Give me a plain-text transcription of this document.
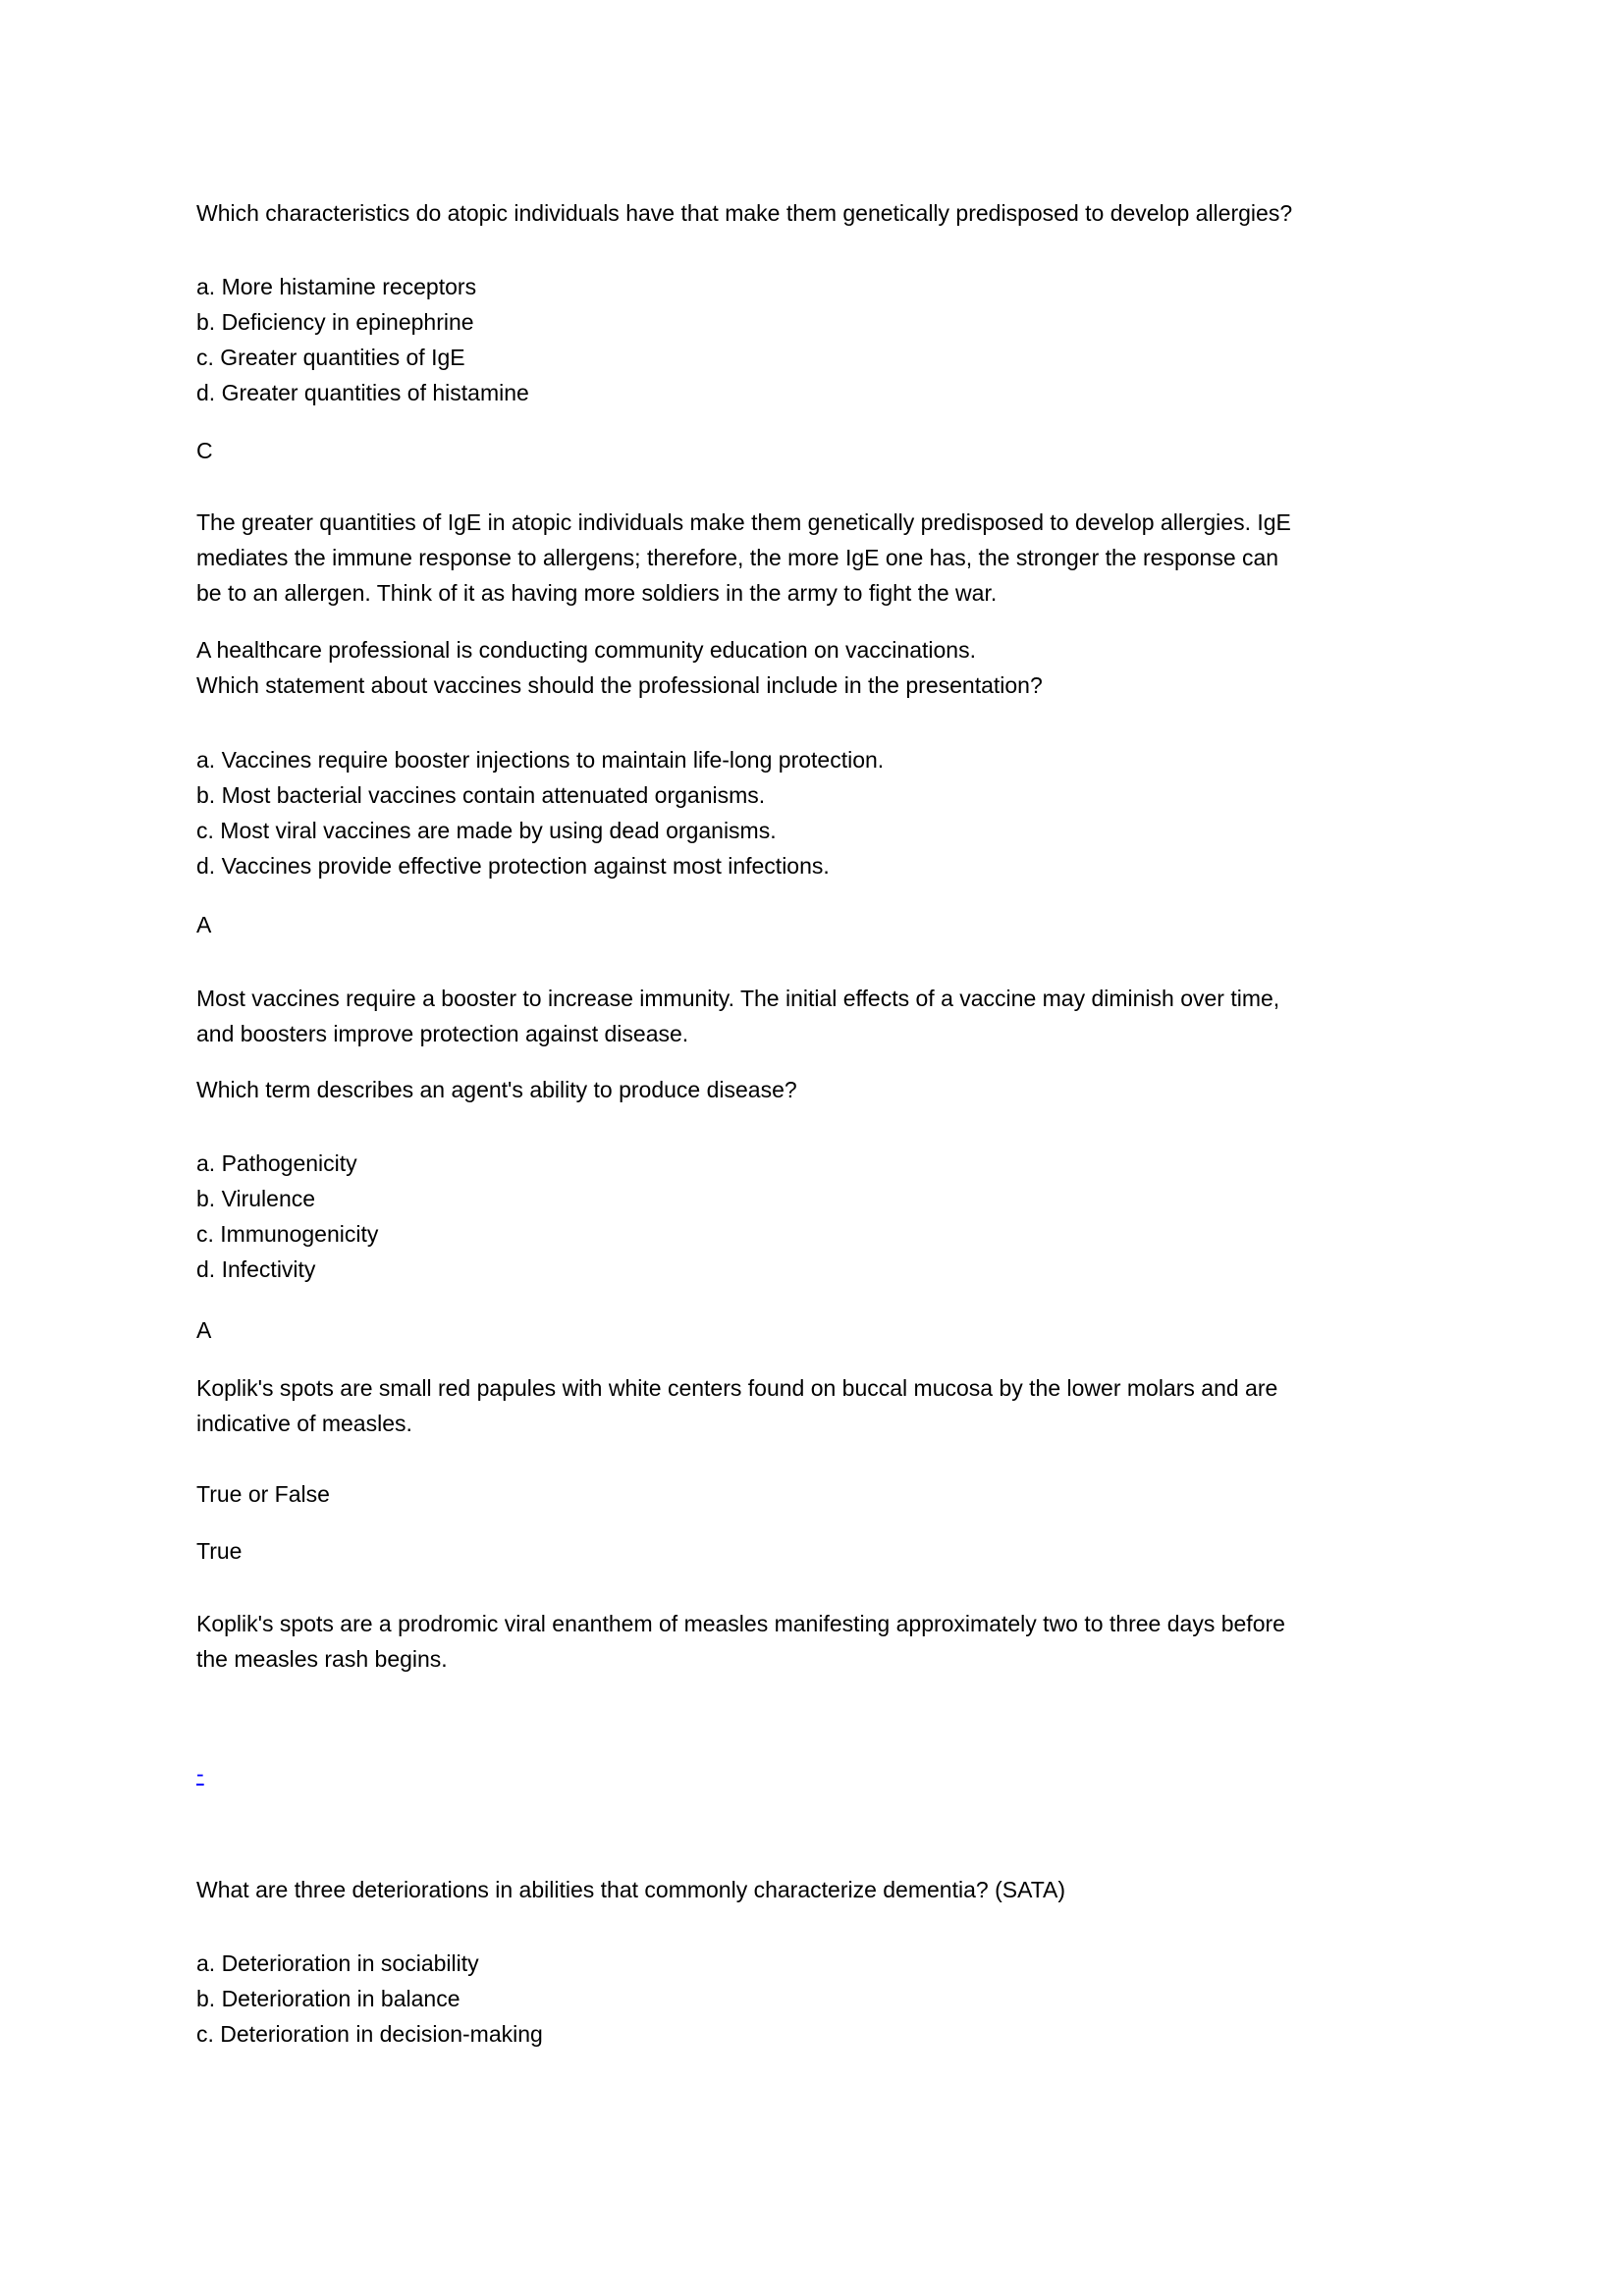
Which characteristics do atopic individuals have that make them genetically predisposed to develop allergies?

a. More histamine receptors
b. Deficiency in epinephrine
c. Greater quantities of IgE
d. Greater quantities of histamine

C

The greater quantities of IgE in atopic individuals make them genetically predisposed to develop allergies. IgE
mediates the immune response to allergens; therefore, the more IgE one has, the stronger the response can
be to an allergen. Think of it as having more soldiers in the army to fight the war.
A healthcare professional is conducting community education on vaccinations.
Which statement about vaccines should the professional include in the presentation?
a. Vaccines require booster injections to maintain life-long protection.
b. Most bacterial vaccines contain attenuated organisms.
c. Most viral vaccines are made by using dead organisms.
d. Vaccines provide effective protection against most infections.

A

Most vaccines require a booster to increase immunity. The initial effects of a vaccine may diminish over time,
and boosters improve protection against disease.

Which term describes an agent's ability to produce disease?

a. Pathogenicity
b. Virulence
c. Immunogenicity
d. Infectivity

A

Koplik's spots are small red papules with white centers found on buccal mucosa by the lower molars and are
indicative of measles.

True or False

True

Koplik's spots are a prodromic viral enanthem of measles manifesting approximately two to three days before
the measles rash begins.

-

What are three deteriorations in abilities that commonly characterize dementia? (SATA)

a. Deterioration in sociability
b. Deterioration in balance
c. Deterioration in decision-making
